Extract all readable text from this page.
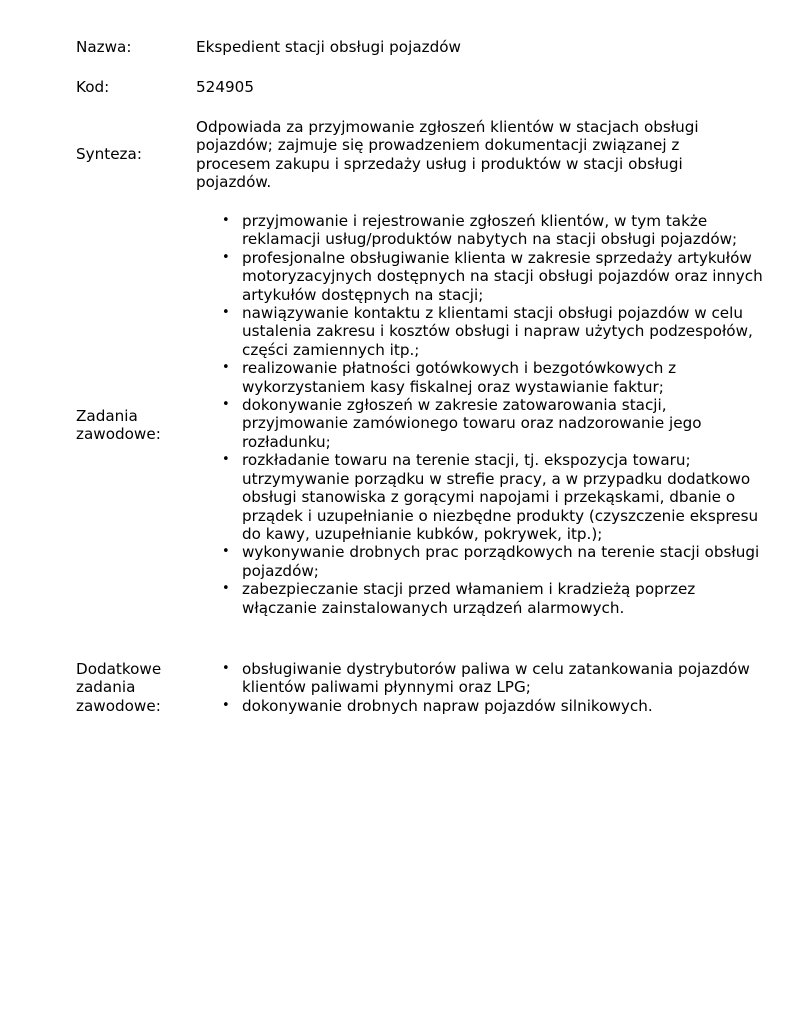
Nazwa:	Ekspedient stacji obsługi pojazdów
Kod:	524905
Synteza:
Odpowiada za przyjmowanie zgłoszeń klientów w stacjach obsługi pojazdów; zajmuje się prowadzeniem dokumentacji związanej z procesem zakupu i sprzedaży usług i produktów w stacji obsługi pojazdów.
Zadania zawodowe:
• przyjmowanie i rejestrowanie zgłoszeń klientów, w tym także reklamacji usług/produktów nabytych na stacji obsługi pojazdów;
• profesjonalne obsługiwanie klienta w zakresie sprzedaży artykułów motoryzacyjnych dostępnych na stacji obsługi pojazdów oraz innych artykułów dostępnych na stacji;
• nawiązywanie kontaktu z klientami stacji obsługi pojazdów w celu ustalenia zakresu i kosztów obsługi i napraw użytych podzespołów, części zamiennych itp.;
• realizowanie płatności gotówkowych i bezgotówkowych z wykorzystaniem kasy fiskalnej oraz wystawianie faktur;
• dokonywanie zgłoszeń w zakresie zatowarowania stacji, przyjmowanie zamówionego towaru oraz nadzorowanie jego rozładunku;
• rozkładanie towaru na terenie stacji, tj. ekspozycja towaru; utrzymywanie porządku w strefie pracy, a w przypadku dodatkowo obsługi stanowiska z gorącymi napojami i przekąskami, dbanie o prządek i uzupełnianie o niezbędne produkty (czyszczenie ekspresu do kawy, uzupełnianie kubków, pokrywek, itp.);
• wykonywanie drobnych prac porządkowych na terenie stacji obsługi pojazdów;
• zabezpieczanie stacji przed włamaniem i kradzieżą poprzez włączanie zainstalowanych urządzeń alarmowych.
Dodatkowe zadania zawodowe:
• obsługiwanie dystrybutorów paliwa w celu zatankowania pojazdów klientów paliwami płynnymi oraz LPG;
• dokonywanie drobnych napraw pojazdów silnikowych.
